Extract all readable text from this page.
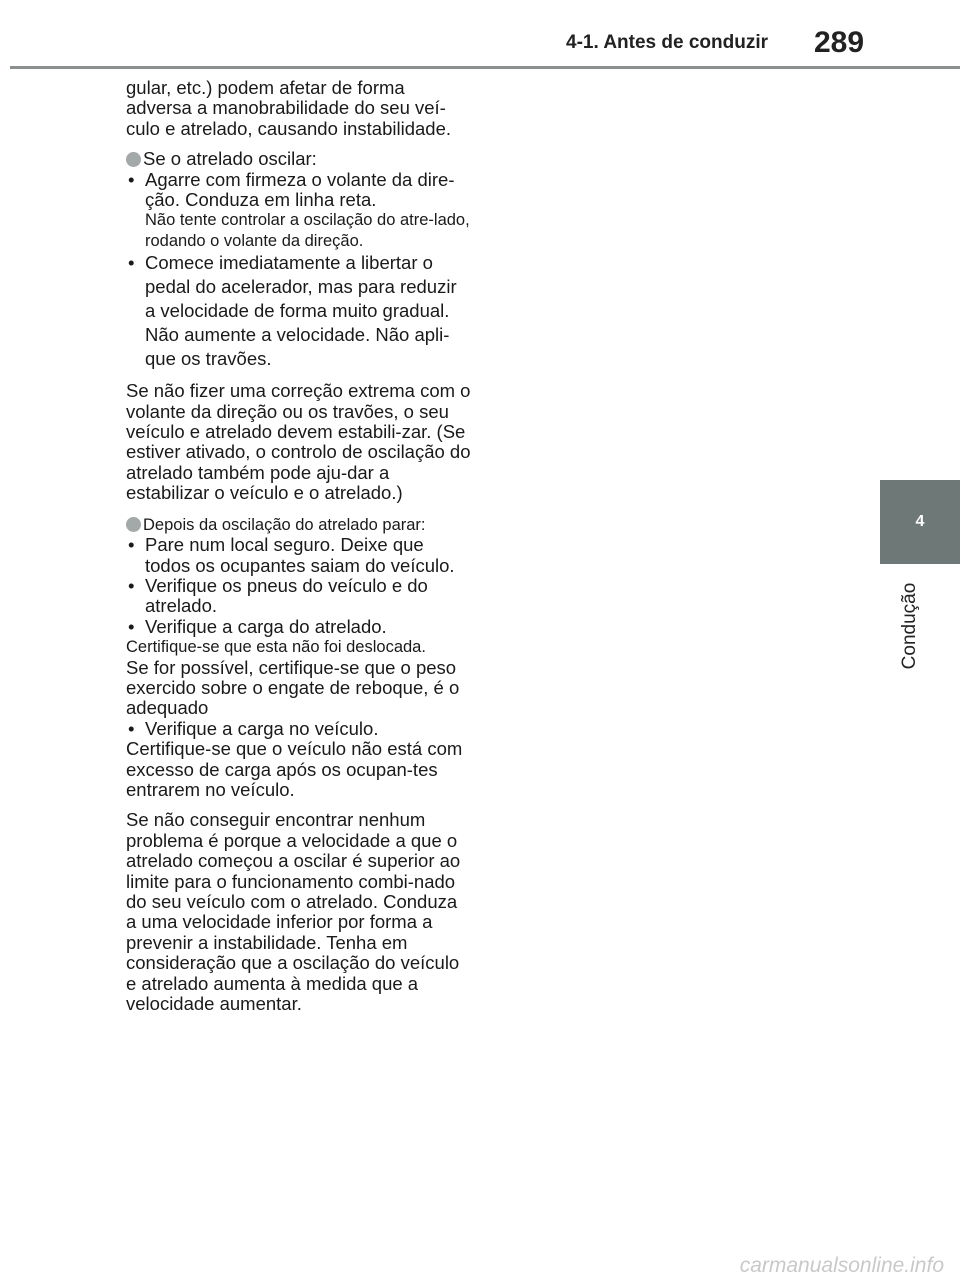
4-1. Antes de conduzir 289
4
Condução

gular, etc.) podem afetar de forma adversa a manobrabilidade do seu veí-culo e atrelado, causando instabilidade.

Se o atrelado oscilar:
• Agarre com firmeza o volante da dire-ção. Conduza em linha reta.
Não tente controlar a oscilação do atre-lado, rodando o volante da direção.
• Comece imediatamente a libertar o pedal do acelerador, mas para reduzir a velocidade de forma muito gradual. Não aumente a velocidade. Não apli-que os travões.

Se não fizer uma correção extrema com o volante da direção ou os travões, o seu veículo e atrelado devem estabili-zar. (Se estiver ativado, o controlo de oscilação do atrelado também pode aju-dar a estabilizar o veículo e o atrelado.)

Depois da oscilação do atrelado parar:
• Pare num local seguro. Deixe que todos os ocupantes saiam do veículo.
• Verifique os pneus do veículo e do atrelado.
• Verifique a carga do atrelado.
Certifique-se que esta não foi deslocada.
Se for possível, certifique-se que o peso exercido sobre o engate de reboque, é o adequado
• Verifique a carga no veículo.
Certifique-se que o veículo não está com excesso de carga após os ocupan-tes entrarem no veículo.

Se não conseguir encontrar nenhum problema é porque a velocidade a que o atrelado começou a oscilar é superior ao limite para o funcionamento combi-nado do seu veículo com o atrelado. Conduza a uma velocidade inferior por forma a prevenir a instabilidade. Tenha em consideração que a oscilação do veículo e atrelado aumenta à medida que a velocidade aumentar.

carmanualsonline.info
